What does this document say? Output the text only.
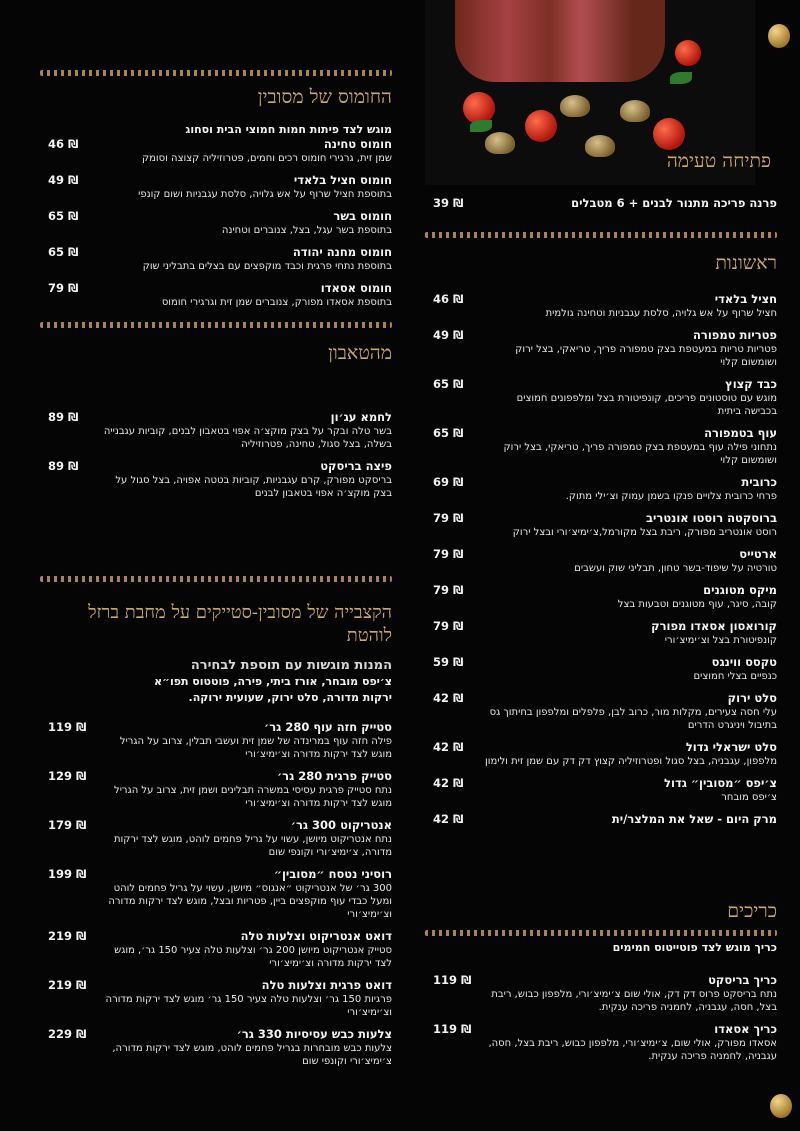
החומוס של מסובין
מוגש לצד פיתות חמות חמוצי הבית וסחוג
חומוס טחינה
שמן זית, גרגירי חומוס רכים וחמים, פטרוזיליה קצוצה וסומק
46 ₪
חומוס חציל בלאדי
בתוספת חציל שרוף על אש גלויה, סלסת עגבניות ושום קונפי
49 ₪
חומוס בשר
בתוספת בשר עגל, בצל, צנוברים וטחינה
65 ₪
חומוס מחנה יהודה
בתוספת נתחי פרגית וכבד מוקפצים עם בצלים בתבליני שוק
65 ₪
חומוס אסאדו
בתוספת אסאדו מפורק, צנוברים שמן זית וגרגירי חומוס
79 ₪
מהטאבון
לחמא עג׳ון
בשר טלה ובקר על בצק מוקצ׳ה אפוי בטאבון לבנים, קוביות עגבנייה בשלה, בצל סגול, טחינה, פטרוזיליה
89 ₪
פיצה בריסקט
בריסקט מפורק, קרם עגבניות, קוביות בטטה אפויה, בצל סגול על בצק מוקצ׳ה אפוי בטאבון לבנים
89 ₪
הקצבייה של מסובין-סטייקים על מחבת ברזל לוהטת
המנות מוגשות עם תוספת לבחירה
צ׳יפס מובחר, אורז ביתי, פירה, פוטטוס תפו״א
ירקות מדורה, סלט ירוק, שעועית ירוקה.
סטייק חזה עוף 280 גר׳
פילה חזה עוף במרינדה של שמן זית ועשבי תבלין, צרוב על הגריל מוגש לצד ירקות מדורה וצ׳ימיצ׳ורי
119 ₪
סטייק פרגית 280 גר׳
נתח סטייק פרגית עסיסי במשרה תבלינים ושמן זית, צרוב על הגריל מוגש לצד ירקות מדורה וצ׳ימיצ׳ורי
129 ₪
אנטריקוט 300 גר׳
נתח אנטריקוט מיושן, עשוי על גריל פחמים לוהט, מוגש לצד ירקות מדורה, צ׳ימיצ׳ורי וקונפי שום
179 ₪
רוסיני נטסח ״מסובין״
300 גר׳ של אנטריקוט ״אנגוס״ מיושן, עשוי על גריל פחמים לוהט ומעל כבדי עוף מוקפצים ביין, פטריות ובצל, מוגש לצד ירקות מדורה וצ׳ימיצ׳ורי
199 ₪
דואט אנטריקוט וצלעות טלה
סטייק אנטריקוט מיושן 200 גר׳ וצלעות טלה צעיר 150 גר׳, מוגש לצד ירקות מדורה וצ׳ימיצ׳ורי
219 ₪
דואט פרגית וצלעות טלה
פרגיות 150 גר׳ וצלעות טלה צעיר 150 גר׳ מוגש לצד ירקות מדורה וצ׳ימיצ׳ורי
219 ₪
צלעות כבש עסיסיות 330 גר׳
צלעות כבש מובחרות בגריל פחמים לוהט, מוגש לצד ירקות מדורה, צ׳ימיצ׳ורי וקונפי שום
229 ₪
פתיחה טעימה
פרנה פריכה מתנור לבנים + 6 מטבלים
39 ₪
ראשונות
חציל בלאדי
חציל שרוף על אש גלויה, סלסת עגבניות וטחינה גולמית
46 ₪
פטריות טמפורה
פטריות טריות במעטפת בצק טמפורה פריך, טריאקי, בצל ירוק ושומשום קלוי
49 ₪
כבד קצוץ
מוגש עם טוסטונים פריכים, קונפיטורת בצל ומלפפונים חמוצים בכבישה ביתית
65 ₪
עוף בטמפורה
נתחוני פילה עוף במעטפת בצק טמפורה פריך, טריאקי, בצל ירוק ושומשום קלוי
65 ₪
כרובית
פרחי כרובית צלויים פנקו בשמן עמוק וצ׳ילי מתוק.
69 ₪
ברוסקטה רוסטו אונטריב
רוסט אונטריב מפורק, ריבת בצל מקורמל,צ׳ימיצ׳ורי ובצל ירוק
79 ₪
ארטייס
טורטיה על שיפוד-בשר טחון, תבליני שוק ועשבים
79 ₪
מיקס מטוגנים
קובה, סיגר, עוף מטוגנים וטבעות בצל
79 ₪
קורואסון אסאדו מפורק
קונפיטורת בצל וצ׳ימיצ׳ורי
79 ₪
טקסס ווינגס
כנפיים בצלי חמוצים
59 ₪
סלט ירוק
עלי חסה צעירים, מקלות מור, כרוב לבן, פלפלים ומלפפון בחיתוך גס בתיבול ויניגרט הדרים
42 ₪
סלט ישראלי גדול
מלפפון, עגבניה, בצל סגול ופטרוזיליה קצוץ דק דק עם שמן זית ולימון
42 ₪
צ׳יפס ״מסובין״ גדול
צ׳יפס מובחר
42 ₪
מרק היום - שאל את המלצר/ית
42 ₪
כריכים
כריך מוגש לצד פוטייטוס חמימים
כריך בריסקט
נתח בריסקט פרוס דק דק, אולי שום צ׳ימיצ׳ורי, מלפפון כבוש, ריבת בצל, חסה, עגבניה, לחמניה פריכה ענקית.
119 ₪
כריך אסאדו
אסאדו מפורק, אולי שום, צ׳ימיצ׳ורי, מלפפון כבוש, ריבת בצל, חסה, עגבניה, לחמניה פריכה ענקית.
119 ₪
